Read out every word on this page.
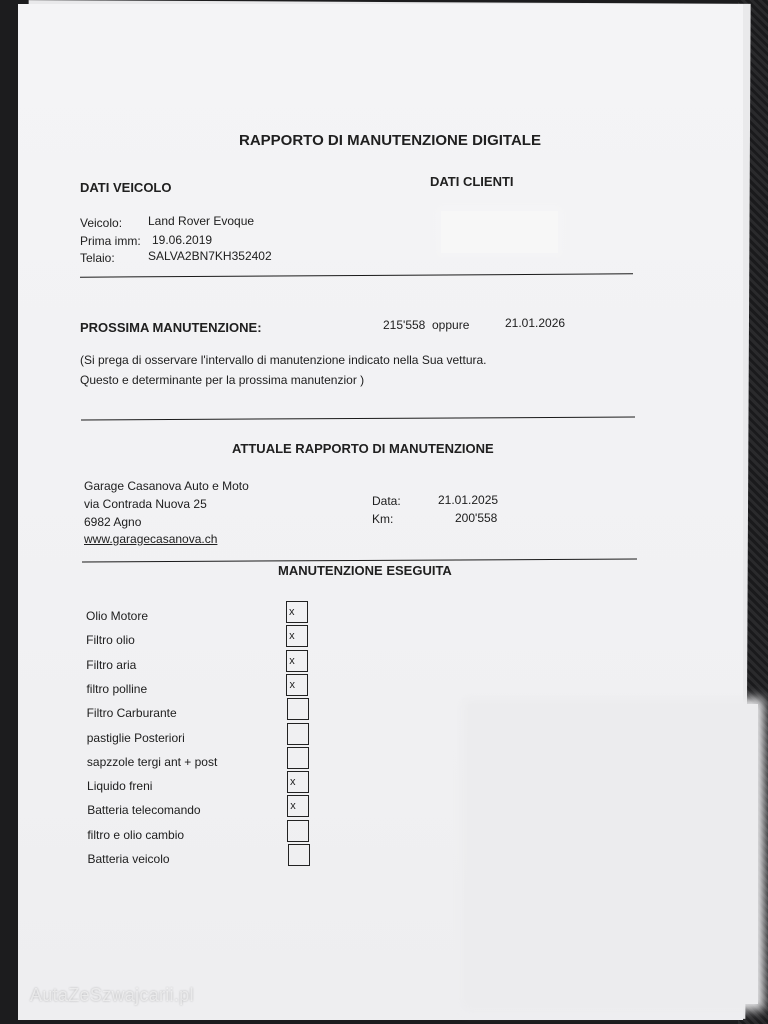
RAPPORTO DI MANUTENZIONE DIGITALE
DATI VEICOLO	DATI CLIENTI
Veicolo: Land Rover Evoque
Prima imm: 19.06.2019
Telaio:	SALVA2BN7KH352402
PROSSIMA MANUTENZIONE:	215'558 oppure	21.01.2026
(Si prega di osservare l'intervallo di manutenzione indicato nella Sua vettura.
Questo e determinante per la prossima manutenzior )
ATTUALE RAPPORTO DI MANUTENZIONE
Garage Casanova Auto e Moto
via Contrada Nuova 25
6982 Agno
www.garagecasanova.ch
Data:	21.01.2025
Km:	200'558
MANUTENZIONE ESEGUITA
Olio Motore	x
Filtro olio	x
Filtro aria	x
filtro polline	x
Filtro Carburante
pastiglie Posteriori
sapzzole tergi ant + post
Liquido freni	x
Batteria telecomando	x
filtro e olio cambio
Batteria veicolo
AutaZeSzwajcarii.pl
